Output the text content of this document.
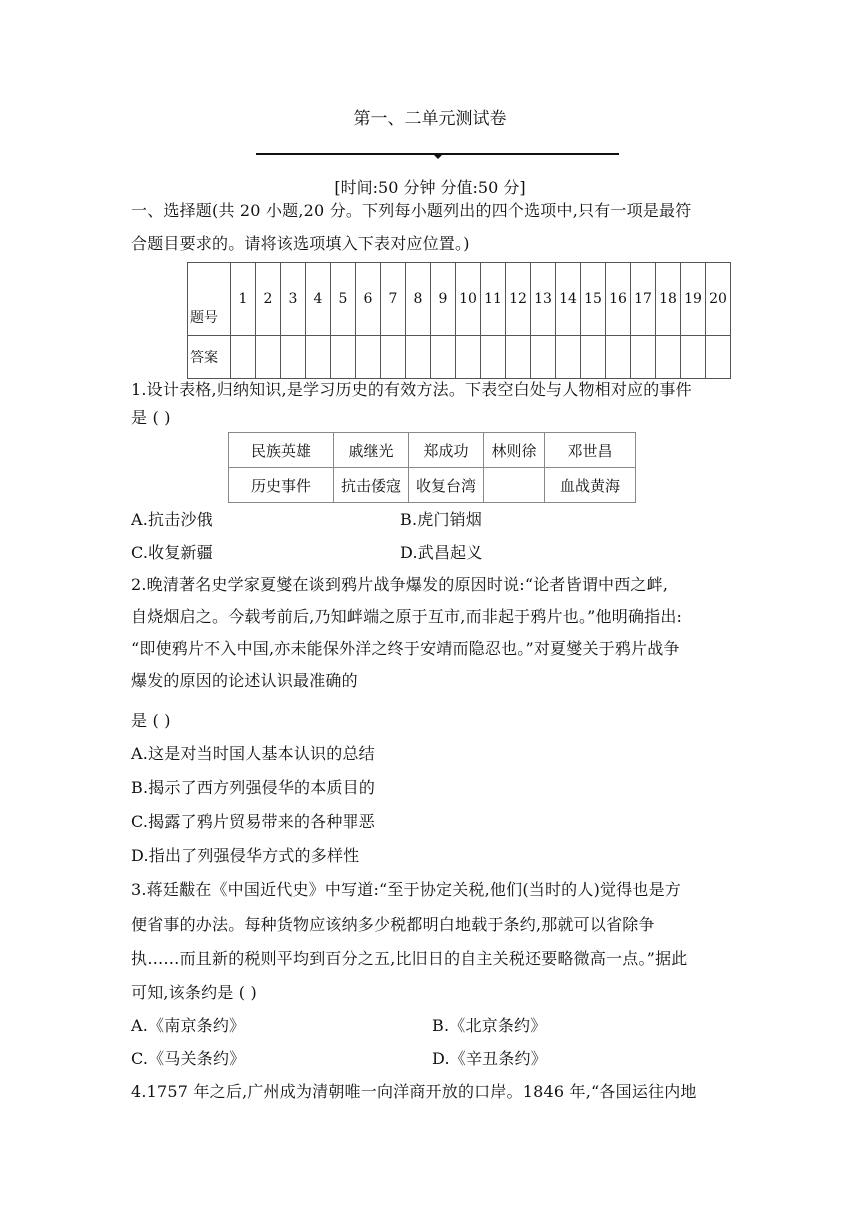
第一、二单元测试卷
[时间:50 分钟 分值:50 分]
一、选择题(共 20 小题,20 分。下列每小题列出的四个选项中,只有一项是最符
合题目要求的。请将该选项填入下表对应位置。)
题号	1	2	3	4	5	6	7	8	9	10	11	12	13	14	15	16	17	18	19	20
答案																				
1.设计表格,归纳知识,是学习历史的有效方法。下表空白处与人物相对应的事件
是 ( )
民族英雄	戚继光	郑成功	林则徐	邓世昌
历史事件	抗击倭寇	收复台湾		血战黄海
A.抗击沙俄	B.虎门销烟
C.收复新疆	D.武昌起义
2.晚清著名史学家夏燮在谈到鸦片战争爆发的原因时说:“论者皆谓中西之衅,
自烧烟启之。今载考前后,乃知衅端之原于互市,而非起于鸦片也。”他明确指出:
“即使鸦片不入中国,亦未能保外洋之终于安靖而隐忍也。”对夏燮关于鸦片战争
爆发的原因的论述认识最准确的
是 ( )
A.这是对当时国人基本认识的总结
B.揭示了西方列强侵华的本质目的
C.揭露了鸦片贸易带来的各种罪恶
D.指出了列强侵华方式的多样性
3.蒋廷黻在《中国近代史》中写道:“至于协定关税,他们(当时的人)觉得也是方
便省事的办法。每种货物应该纳多少税都明白地载于条约,那就可以省除争
执……而且新的税则平均到百分之五,比旧日的自主关税还要略微高一点。”据此
可知,该条约是 ( )
A.《南京条约》	B.《北京条约》
C.《马关条约》	D.《辛丑条约》
4.1757 年之后,广州成为清朝唯一向洋商开放的口岸。1846 年,“各国运往内地
